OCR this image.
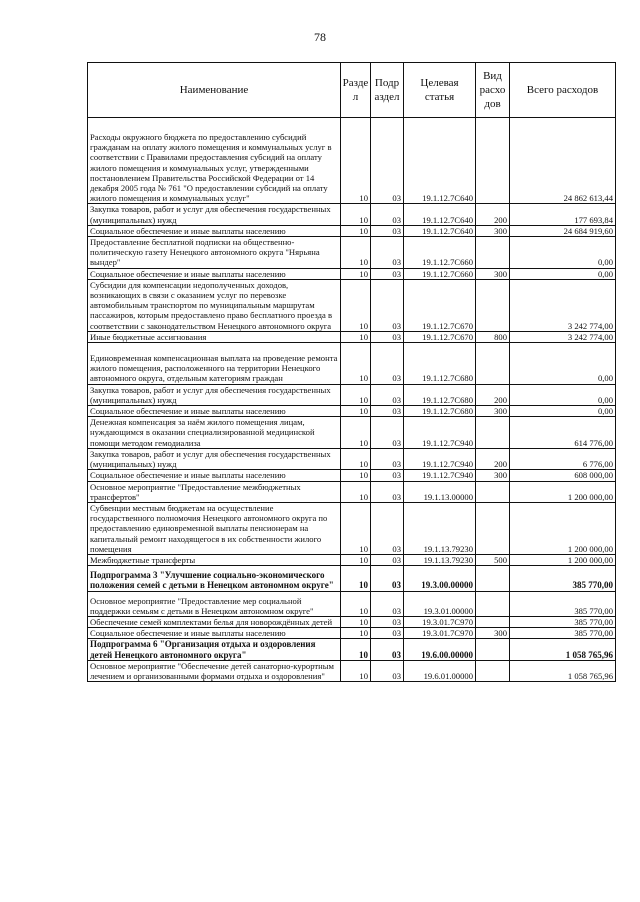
78
Наименование	Разде л	Подр аздел	Целевая статья	Вид расхо дов	Всего расходов
Расходы окружного бюджета по предоставлению субсидий гражданам на оплату жилого помещения и коммунальных услуг в соответствии с Правилами предоставления субсидий на оплату жилого помещения и коммунальных услуг, утвержденными постановлением Правительства Российской Федерации от 14 декабря 2005 года № 761 "О предоставлении субсидий на оплату жилого помещения и коммунальных услуг"	10	03	19.1.12.7С640		24 862 613,44
Закупка товаров, работ и услуг для обеспечения государственных (муниципальных) нужд	10	03	19.1.12.7С640	200	177 693,84
Социальное обеспечение и иные выплаты населению	10	03	19.1.12.7С640	300	24 684 919,60
Предоставление бесплатной подписки на общественно-политическую газету Ненецкого автономного округа "Нярьяна вындер"	10	03	19.1.12.7С660		0,00
Социальное обеспечение и иные выплаты населению	10	03	19.1.12.7С660	300	0,00
Субсидии для компенсации недополученных доходов, возникающих в связи с оказанием услуг по перевозке автомобильным транспортом по муниципальным маршрутам пассажиров, которым предоставлено право бесплатного проезда в соответствии с законодательством Ненецкого автономного округа	10	03	19.1.12.7С670		3 242 774,00
Иные бюджетные ассигнования	10	03	19.1.12.7С670	800	3 242 774,00
Единовременная компенсационная выплата на проведение ремонта жилого помещения, расположенного на территории Ненецкого автономного округа, отдельным категориям граждан	10	03	19.1.12.7С680		0,00
Закупка товаров, работ и услуг для обеспечения государственных (муниципальных) нужд	10	03	19.1.12.7С680	200	0,00
Социальное обеспечение и иные выплаты населению	10	03	19.1.12.7С680	300	0,00
Денежная компенсация за наём жилого помещения лицам, нуждающимся в оказании специализированной медицинской помощи методом гемодиализа	10	03	19.1.12.7С940		614 776,00
Закупка товаров, работ и услуг для обеспечения государственных (муниципальных) нужд	10	03	19.1.12.7С940	200	6 776,00
Социальное обеспечение и иные выплаты населению	10	03	19.1.12.7С940	300	608 000,00
Основное мероприятие "Предоставление межбюджетных трансфертов"	10	03	19.1.13.00000		1 200 000,00
Субвенции местным бюджетам на осуществление государственного полномочия Ненецкого автономного округа по предоставлению единовременной выплаты пенсионерам на капитальный ремонт находящегося в их собственности жилого помещения	10	03	19.1.13.79230		1 200 000,00
Межбюджетные трансферты	10	03	19.1.13.79230	500	1 200 000,00
Подпрограмма 3 "Улучшение социально-экономического положения семей с детьми в Ненецком автономном округе"	10	03	19.3.00.00000		385 770,00
Основное мероприятие "Предоставление мер социальной поддержки семьям с детьми в Ненецком автономном округе"	10	03	19.3.01.00000		385 770,00
Обеспечение семей комплектами белья для новорождённых детей	10	03	19.3.01.7С970		385 770,00
Социальное обеспечение и иные выплаты населению	10	03	19.3.01.7С970	300	385 770,00
Подпрограмма 6 "Организация отдыха и оздоровления детей Ненецкого автономного округа"	10	03	19.6.00.00000		1 058 765,96
Основное мероприятие "Обеспечение детей санаторно-курортным лечением и организованными формами отдыха и оздоровления"	10	03	19.6.01.00000		1 058 765,96
